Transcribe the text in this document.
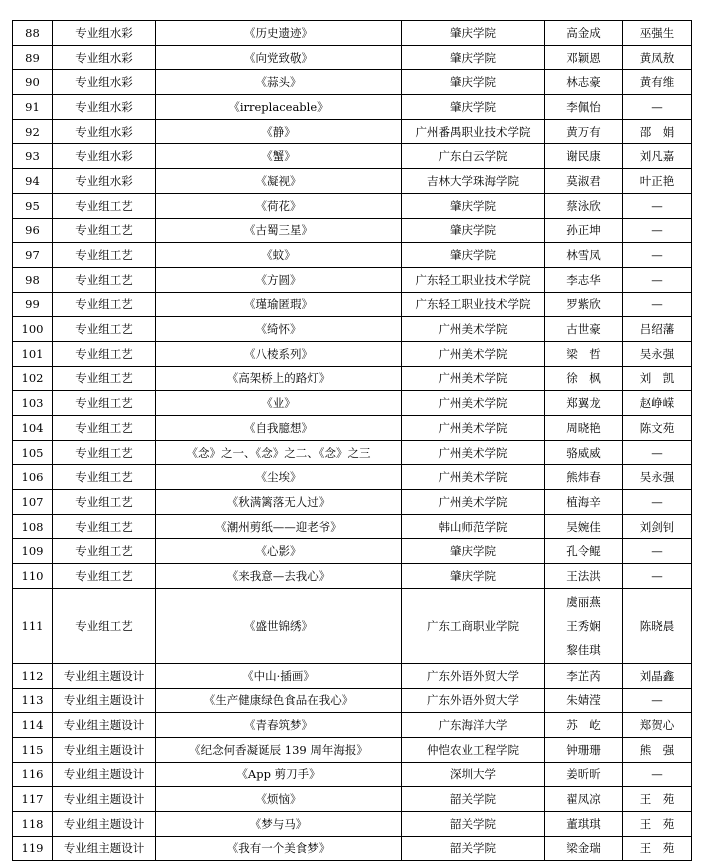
88	专业组水彩	《历史遗迹》	肇庆学院	高金成	巫强生
89	专业组水彩	《向党致敬》	肇庆学院	邓颖恩	黄凤敖
90	专业组水彩	《蒜头》	肇庆学院	林志豪	黄有维
91	专业组水彩	《irreplaceable》	肇庆学院	李佩怡	—
92	专业组水彩	《静》	广州番禺职业技术学院	黄万有	邵　娟
93	专业组水彩	《蟹》	广东白云学院	谢民康	刘凡嘉
94	专业组水彩	《凝视》	吉林大学珠海学院	莫淑君	叶正艳
95	专业组工艺	《荷花》	肇庆学院	蔡泳欣	—
96	专业组工艺	《古蜀三星》	肇庆学院	孙正坤	—
97	专业组工艺	《蚊》	肇庆学院	林雪凤	—
98	专业组工艺	《方圆》	广东轻工职业技术学院	李志华	—
99	专业组工艺	《瑾瑜匿瑕》	广东轻工职业技术学院	罗紫欣	—
100	专业组工艺	《绮怀》	广州美术学院	古世豪	吕绍藩
101	专业组工艺	《八棱系列》	广州美术学院	梁　哲	吴永强
102	专业组工艺	《高架桥上的路灯》	广州美术学院	徐　枫	刘　凯
103	专业组工艺	《业》	广州美术学院	郑翼龙	赵峥嵘
104	专业组工艺	《自我臆想》	广州美术学院	周晓艳	陈文苑
105	专业组工艺	《念》之一、《念》之二、《念》之三	广州美术学院	骆威威	—
106	专业组工艺	《尘埃》	广州美术学院	熊炜春	吴永强
107	专业组工艺	《秋满篱落无人过》	广州美术学院	植海辛	—
108	专业组工艺	《潮州剪纸——迎老爷》	韩山师范学院	吴婉佳	刘剑钊
109	专业组工艺	《心影》	肇庆学院	孔令鲲	—
110	专业组工艺	《来我意—去我心》	肇庆学院	王法洪	—
111	专业组工艺	《盛世锦绣》	广东工商职业学院	虞丽燕
王秀娴
黎佳琪	陈晓晨
112	专业组主题设计	《中山·插画》	广东外语外贸大学	李芷芮	刘晶鑫
113	专业组主题设计	《生产健康绿色食品在我心》	广东外语外贸大学	朱婧滢	—
114	专业组主题设计	《青春筑梦》	广东海洋大学	苏　屹	郑贺心
115	专业组主题设计	《纪念何香凝诞辰 139 周年海报》	仲恺农业工程学院	钟珊珊	熊　强
116	专业组主题设计	《App 剪刀手》	深圳大学	姜昕昕	—
117	专业组主题设计	《烦恼》	韶关学院	翟凤凉	王　苑
118	专业组主题设计	《梦与马》	韶关学院	董琪琪	王　苑
119	专业组主题设计	《我有一个美食梦》	韶关学院	梁金瑞	王　苑
